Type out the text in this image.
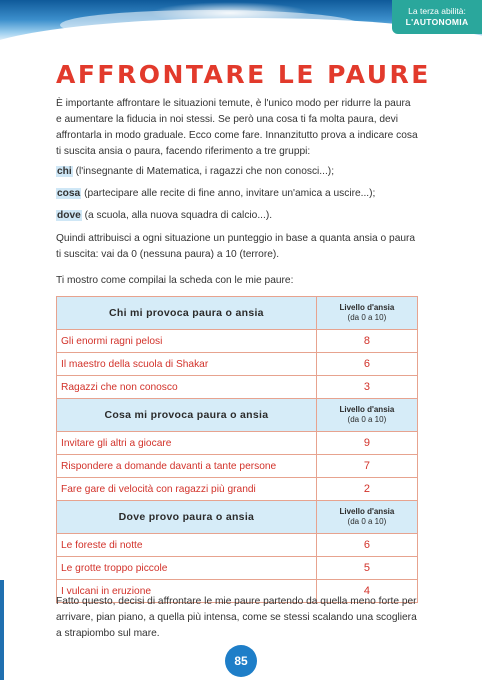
La terza abilità:
L'AUTONOMIA
AFFRONTARE LE PAURE

È importante affrontare le situazioni temute, è l'unico modo per ridurre la paura e aumentare la fiducia in noi stessi. Se però una cosa ti fa molta paura, devi affrontarla in modo graduale. Ecco come fare. Innanzitutto prova a indicare cosa ti suscita ansia o paura, facendo riferimento a tre gruppi:

chi (l'insegnante di Matematica, i ragazzi che non conosci...);
cosa (partecipare alle recite di fine anno, invitare un'amica a uscire...);
dove (a scuola, alla nuova squadra di calcio...).

Quindi attribuisci a ogni situazione un punteggio in base a quanta ansia o paura ti suscita: vai da 0 (nessuna paura) a 10 (terrore).

Ti mostro come compilai la scheda con le mie paure:

Chi mi provoca paura o ansia	Livello d'ansia
(da 0 a 10)

Gli enormi ragni pelosi	8
Il maestro della scuola di Shakar	6
Ragazzi che non conosco	3
Cosa mi provoca paura o ansia	Livello d'ansia
(da 0 a 10)

Invitare gli altri a giocare	9
Rispondere a domande davanti a tante persone	7
Fare gare di velocità con ragazzi più grandi	2
Dove provo paura o ansia	Livello d'ansia
(da 0 a 10)

Le foreste di notte	6
Le grotte troppo piccole	5
I vulcani in eruzione	4

Fatto questo, decisi di affrontare le mie paure partendo da quella meno forte per arrivare, pian piano, a quella più intensa, come se stessi scalando una scogliera a strapiombo sul mare.

85
